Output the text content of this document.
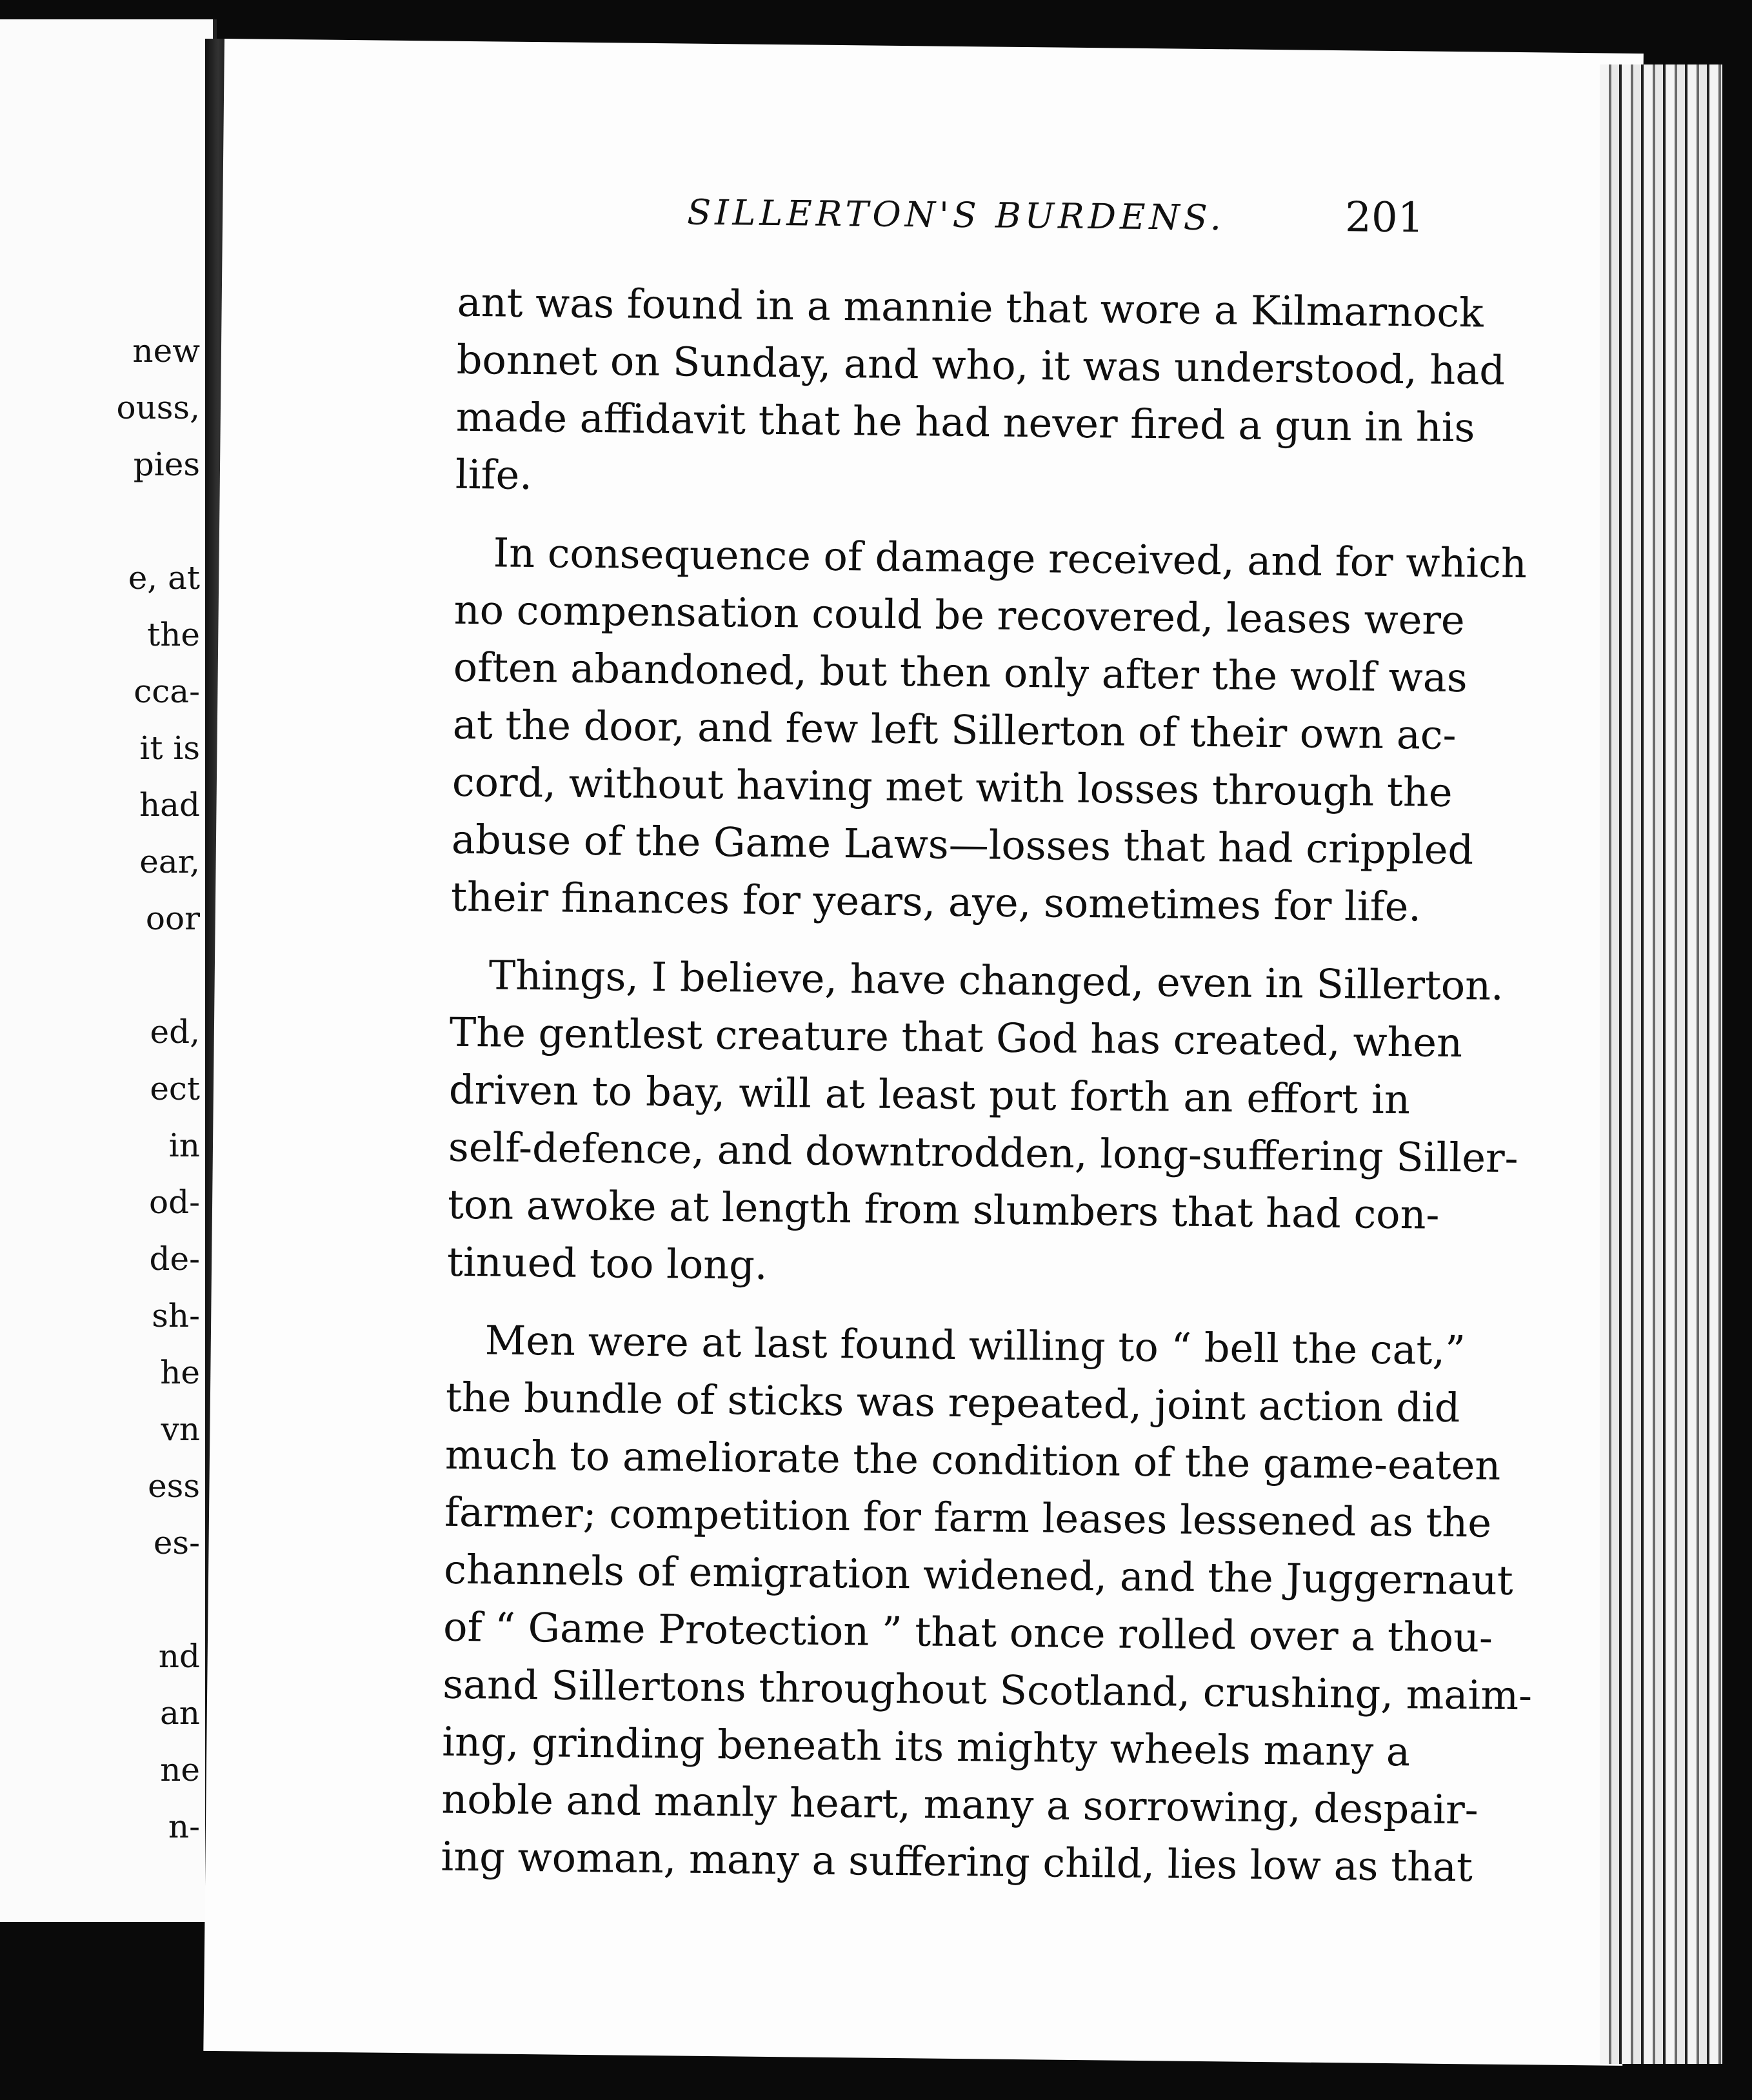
new
ouss,
pies
e, at
the
cca-
it is
had
ear,
oor
ed,
ect
in
od-
de-
sh-
he
vn
ess
es-
nd
an
ne
n-
SILLERTON'S BURDENS.	201
ant was found in a mannie that wore a Kilmarnock
bonnet on Sunday, and who, it was understood, had
made affidavit that he had never fired a gun in his
life.
In consequence of damage received, and for which
no compensation could be recovered, leases were
often abandoned, but then only after the wolf was
at the door, and few left Sillerton of their own ac-
cord, without having met with losses through the
abuse of the Game Laws—losses that had crippled
their finances for years, aye, sometimes for life.
Things, I believe, have changed, even in Sillerton.
The gentlest creature that God has created, when
driven to bay, will at least put forth an effort in
self-defence, and downtrodden, long-suffering Siller-
ton awoke at length from slumbers that had con-
tinued too long.
Men were at last found willing to “ bell the cat,”
the bundle of sticks was repeated, joint action did
much to ameliorate the condition of the game-eaten
farmer; competition for farm leases lessened as the
channels of emigration widened, and the Juggernaut
of “ Game Protection ” that once rolled over a thou-
sand Sillertons throughout Scotland, crushing, maim-
ing, grinding beneath its mighty wheels many a
noble and manly heart, many a sorrowing, despair-
ing woman, many a suffering child, lies low as that
